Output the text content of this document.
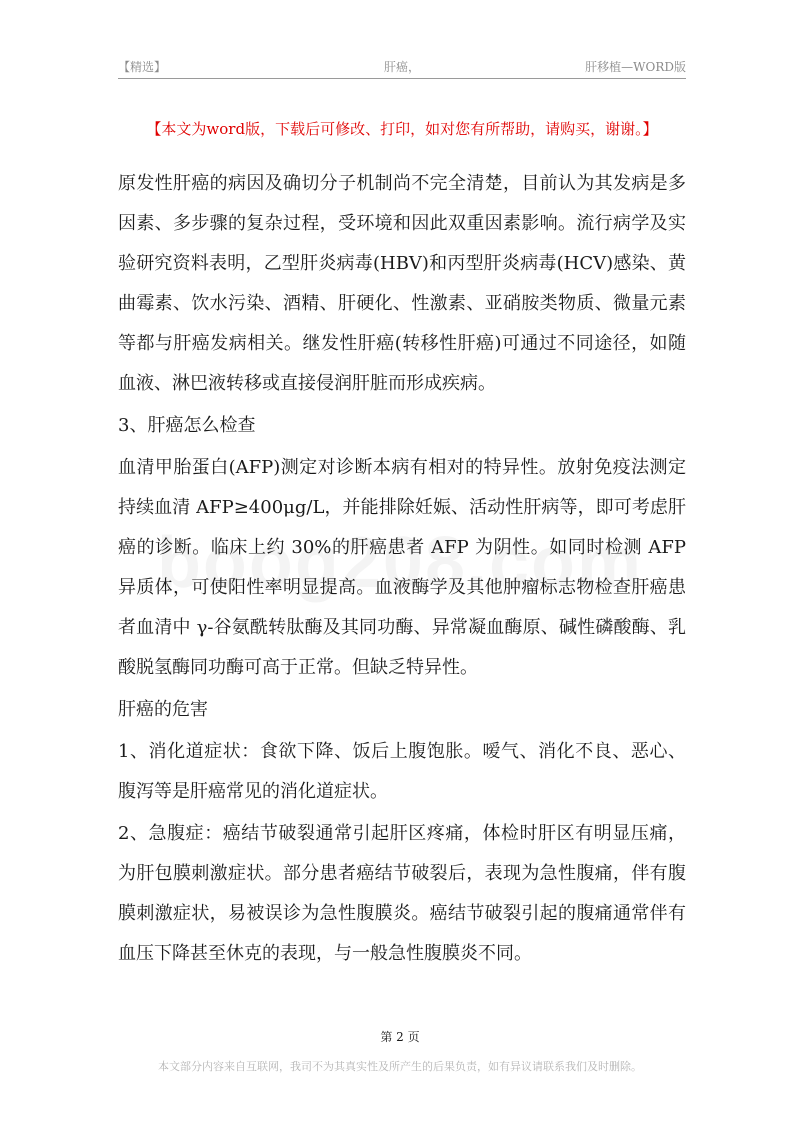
【精选】	肝癌，	肝移植—WORD版
【本文为word版，下载后可修改、打印，如对您有所帮助，请购买，谢谢。】

原发性肝癌的病因及确切分子机制尚不完全清楚，目前认为其发病是多因素、多步骤的复杂过程，受环境和因此双重因素影响。流行病学及实验研究资料表明，乙型肝炎病毒(HBV)和丙型肝炎病毒(HCV)感染、黄曲霉素、饮水污染、酒精、肝硬化、性激素、亚硝胺类物质、微量元素等都与肝癌发病相关。继发性肝癌(转移性肝癌)可通过不同途径，如随血液、淋巴液转移或直接侵润肝脏而形成疾病。

3、肝癌怎么检查

血清甲胎蛋白(AFP)测定对诊断本病有相对的特异性。放射免疫法测定持续血清 AFP≥400μg/L，并能排除妊娠、活动性肝病等，即可考虑肝癌的诊断。临床上约 30%的肝癌患者 AFP 为阴性。如同时检测 AFP 异质体，可使阳性率明显提高。血液酶学及其他肿瘤标志物检查肝癌患者血清中 γ-谷氨酰转肽酶及其同功酶、异常凝血酶原、碱性磷酸酶、乳酸脱氢酶同功酶可高于正常。但缺乏特异性。

肝癌的危害

1、消化道症状：食欲下降、饭后上腹饱胀。嗳气、消化不良、恶心、腹泻等是肝癌常见的消化道症状。

2、急腹症：癌结节破裂通常引起肝区疼痛，体检时肝区有明显压痛，为肝包膜刺激症状。部分患者癌结节破裂后，表现为急性腹痛，伴有腹膜刺激症状，易被误诊为急性腹膜炎。癌结节破裂引起的腹痛通常伴有血压下降甚至休克的表现，与一般急性腹膜炎不同。

第 2 页
本文部分内容来自互联网，我司不为其真实性及所产生的后果负责，如有异议请联系我们及时删除。
